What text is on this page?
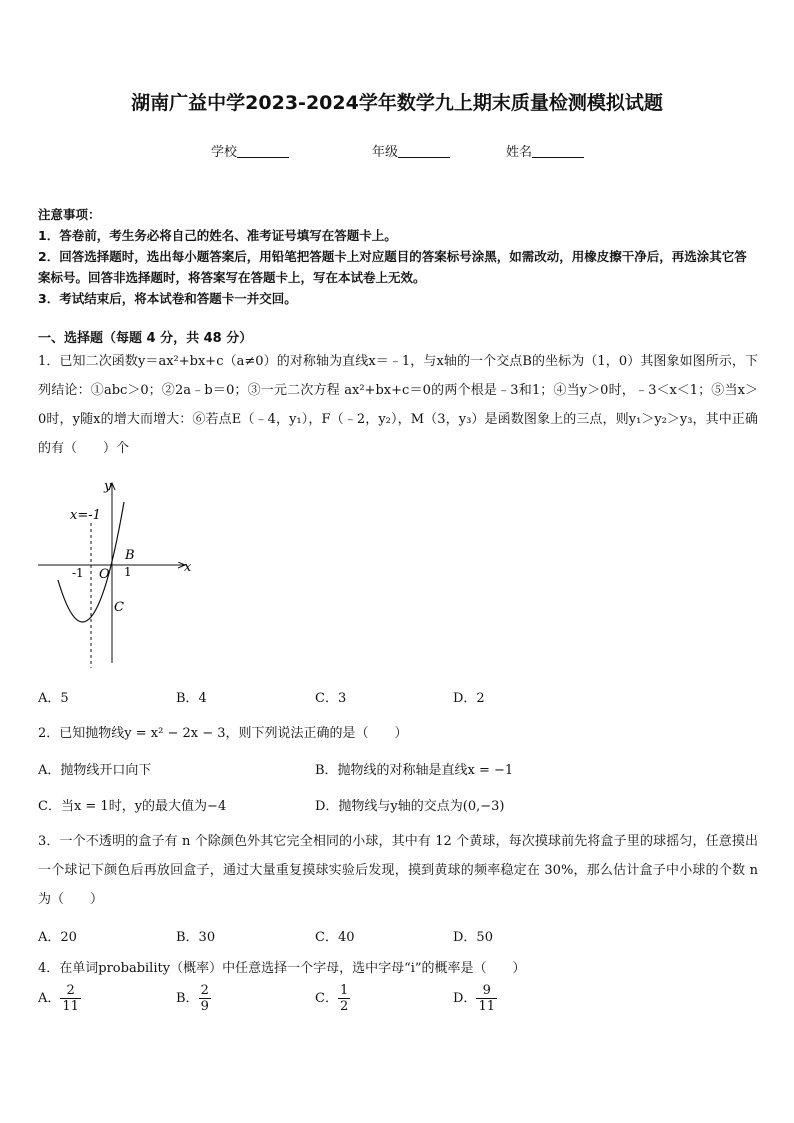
湖南广益中学2023-2024学年数学九上期末质量检测模拟试题
学校	年级	姓名
注意事项：
1．答卷前，考生务必将自己的姓名、准考证号填写在答题卡上。
2．回答选择题时，选出每小题答案后，用铅笔把答题卡上对应题目的答案标号涂黑，如需改动，用橡皮擦干净后，再选涂其它答案标号。回答非选择题时，将答案写在答题卡上，写在本试卷上无效。
3．考试结束后，将本试卷和答题卡一并交回。
一、选择题（每题 4 分，共 48 分）
1．已知二次函数y＝ax²+bx+c（a≠0）的对称轴为直线x＝﹣1，与x轴的一个交点B的坐标为（1，0）其图象如图所示，下列结论：①abc＞0；②2a﹣b＝0；③一元二次方程 ax²+bx+c＝0的两个根是﹣3和1；④当y＞0时，﹣3＜x＜1；⑤当x＞0时，y随x的增大而增大：⑥若点E（﹣4，y₁），F（﹣2，y₂），M（3，y₃）是函数图象上的三点，则y₁＞y₂＞y₃，其中正确的有（　　）个
y
x
x=-1
-1 O 1
B
C
A．5	B．4	C．3	D．2
2．已知抛物线y = x² − 2x − 3，则下列说法正确的是（　　）
A．抛物线开口向下	B．抛物线的对称轴是直线x = −1
C．当x = 1时，y的最大值为−4	D．抛物线与y轴的交点为(0,−3)
3．一个不透明的盒子有 n 个除颜色外其它完全相同的小球，其中有 12 个黄球，每次摸球前先将盒子里的球摇匀，任意摸出一个球记下颜色后再放回盒子，通过大量重复摸球实验后发现，摸到黄球的频率稳定在 30%，那么估计盒子中小球的个数 n 为（　　）
A．20	B．30	C．40	D．50
4．在单词probability（概率）中任意选择一个字母，选中字母“i”的概率是（　　）
A． $\frac{2}{11}$	B． $\frac{2}{9}$	C． $\frac{1}{2}$	D． $\frac{9}{11}$
